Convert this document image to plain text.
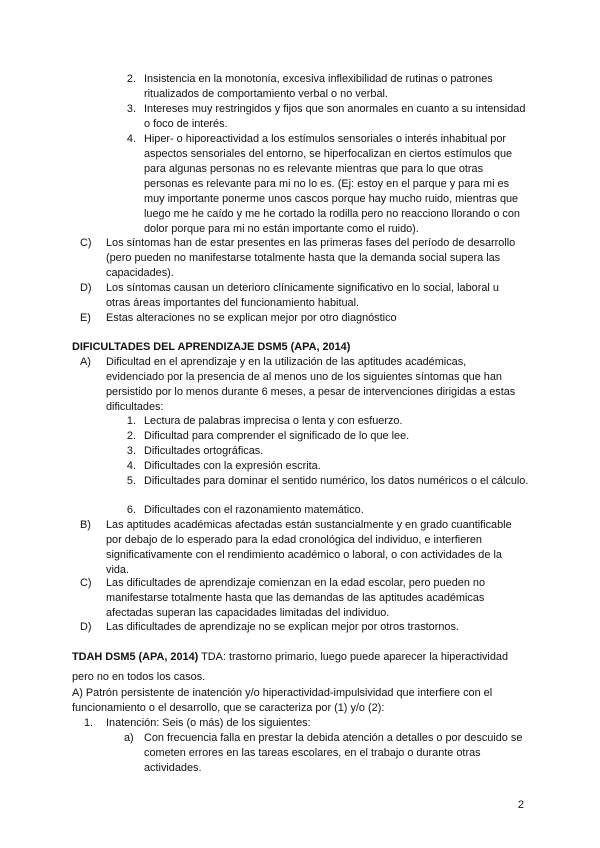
2. Insistencia en la monotonía, excesiva inflexibilidad de rutinas o patrones ritualizados de comportamiento verbal o no verbal.
3. Intereses muy restringidos y fijos que son anormales en cuanto a su intensidad o foco de interés.
4. Hiper- o hiporeactividad a los estímulos sensoriales o interés inhabitual por aspectos sensoriales del entorno, se hiperfocalizan en ciertos estímulos que para algunas personas no es relevante mientras que para lo que otras personas es relevante para mi no lo es. (Ej: estoy en el parque y para mi es muy importante ponerme unos cascos porque hay mucho ruido, mientras que luego me he caído y me he cortado la rodilla pero no reacciono llorando o con dolor porque para mi no están importante como el ruido).
C) Los síntomas han de estar presentes en las primeras fases del período de desarrollo (pero pueden no manifestarse totalmente hasta que la demanda social supera las capacidades).
D) Los síntomas causan un deterioro clínicamente significativo en lo social, laboral u otras áreas importantes del funcionamiento habitual.
E) Estas alteraciones no se explican mejor por otro diagnóstico
DIFICULTADES DEL APRENDIZAJE DSM5 (APA, 2014)
A) Dificultad en el aprendizaje y en la utilización de las aptitudes académicas, evidenciado por la presencia de al menos uno de los siguientes síntomas que han persistido por lo menos durante 6 meses, a pesar de intervenciones dirigidas a estas dificultades:
1. Lectura de palabras imprecisa o lenta y con esfuerzo.
2. Dificultad para comprender el significado de lo que lee.
3. Dificultades ortográficas.
4. Dificultades con la expresión escrita.
5. Dificultades para dominar el sentido numérico, los datos numéricos o el cálculo.
6. Dificultades con el razonamiento matemático.
B) Las aptitudes académicas afectadas están sustancialmente y en grado cuantificable por debajo de lo esperado para la edad cronológica del individuo, e interfieren significativamente con el rendimiento académico o laboral, o con actividades de la vida.
C) Las dificultades de aprendizaje comienzan en la edad escolar, pero pueden no manifestarse totalmente hasta que las demandas de las aptitudes académicas afectadas superan las capacidades limitadas del individuo.
D) Las dificultades de aprendizaje no se explican mejor por otros trastornos.
TDAH DSM5 (APA, 2014) TDA: trastorno primario, luego puede aparecer la hiperactividad pero no en todos los casos.
A) Patrón persistente de inatención y/o hiperactividad-impulsividad que interfiere con el funcionamiento o el desarrollo, que se caracteriza por (1) y/o (2):
1. Inatención: Seis (o más) de los siguientes:
a) Con frecuencia falla en prestar la debida atención a detalles o por descuido se cometen errores en las tareas escolares, en el trabajo o durante otras actividades.
2
